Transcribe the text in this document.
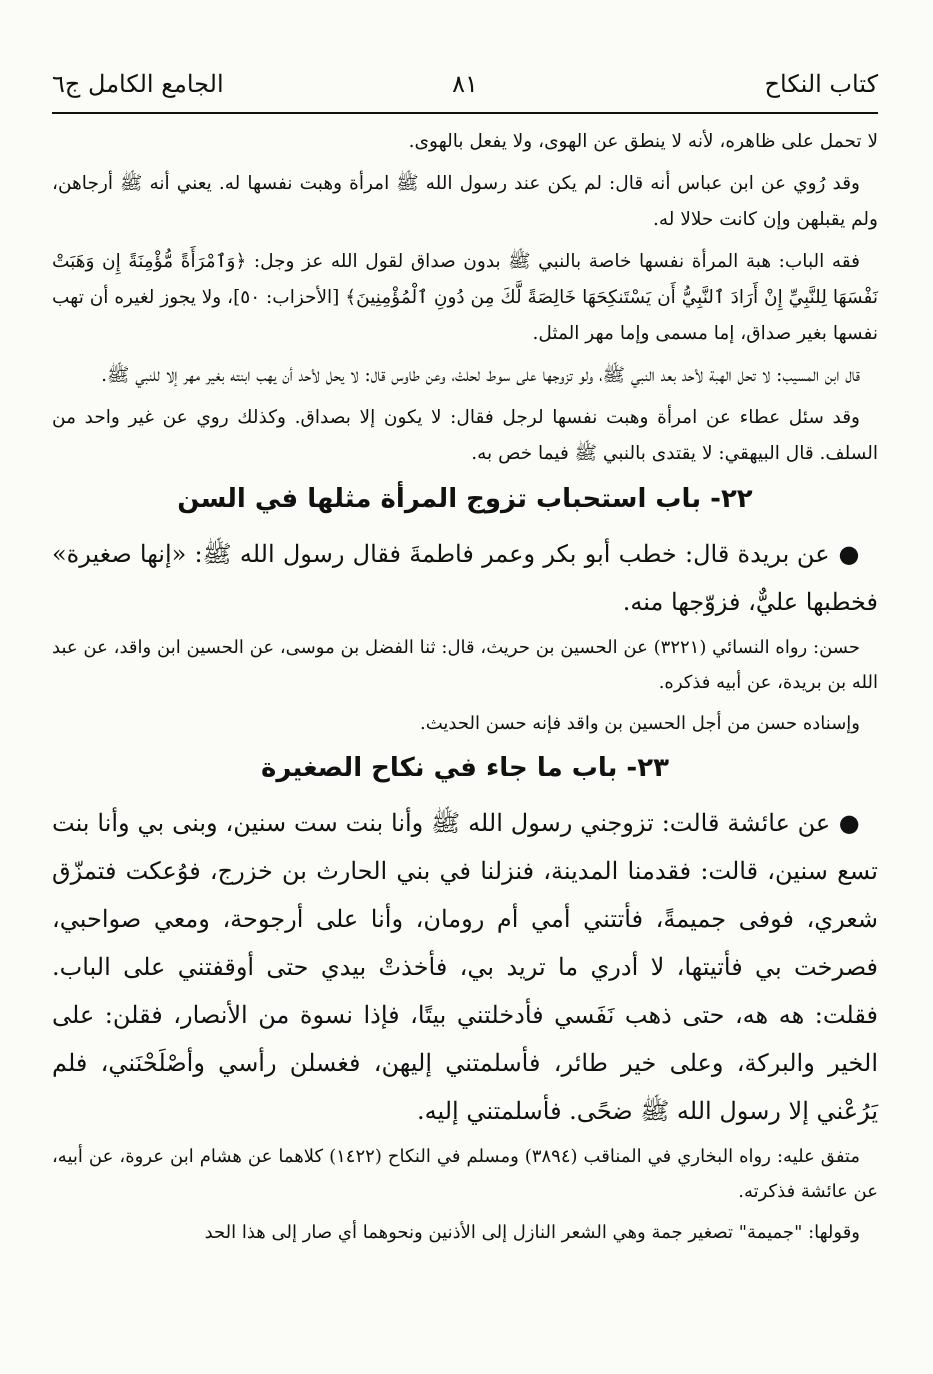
كتاب النكاح
٨١
الجامع الكامل ج٦

لا تحمل على ظاهره، لأنه لا ينطق عن الهوى، ولا يفعل بالهوى.

وقد رُوي عن ابن عباس أنه قال: لم يكن عند رسول الله ﷺ امرأة وهبت نفسها له. يعني أنه ﷺ أرجاهن، ولم يقبلهن وإن كانت حلالا له.

فقه الباب: هبة المرأة نفسها خاصة بالنبي ﷺ بدون صداق لقول الله عز وجل: ﴿وَٱمْرَأَةً مُّؤْمِنَةً إِن وَهَبَتْ نَفْسَهَا لِلنَّبِيِّ إِنْ أَرَادَ ٱلنَّبِيُّ أَن يَسْتَنكِحَهَا خَالِصَةً لَّكَ مِن دُونِ ٱلْمُؤْمِنِينَ﴾ [الأحزاب: ٥٠]، ولا يجوز لغيره أن تهب نفسها بغير صداق، إما مسمى وإما مهر المثل.

قال ابن المسيب: لا تحل الهبة لأحد بعد النبي ﷺ، ولو تزوجها على سوط لحلتْ، وعن طاوس قال: لا يحل لأحد أن يهب ابنته بغير مهر إلا للنبي ﷺ.

وقد سئل عطاء عن امرأة وهبت نفسها لرجل فقال: لا يكون إلا بصداق. وكذلك روي عن غير واحد من السلف. قال البيهقي: لا يقتدى بالنبي ﷺ فيما خص به.

٢٢- باب استحباب تزوج المرأة مثلها في السن

● عن بريدة قال: خطب أبو بكر وعمر فاطمةَ فقال رسول الله ﷺ: «إنها صغيرة» فخطبها عليٌّ، فزوّجها منه.

حسن: رواه النسائي (٣٢٢١) عن الحسين بن حريث، قال: ثنا الفضل بن موسى، عن الحسين ابن واقد، عن عبد الله بن بريدة، عن أبيه فذكره.

وإسناده حسن من أجل الحسين بن واقد فإنه حسن الحديث.

٢٣- باب ما جاء في نكاح الصغيرة

● عن عائشة قالت: تزوجني رسول الله ﷺ وأنا بنت ست سنين، وبنى بي وأنا بنت تسع سنين، قالت: فقدمنا المدينة، فنزلنا في بني الحارث بن خزرج، فوُعكت فتمزّق شعري، فوفى جميمةً، فأتتني أمي أم رومان، وأنا على أرجوحة، ومعي صواحبي، فصرخت بي فأتيتها، لا أدري ما تريد بي، فأخذتْ بيدي حتى أوقفتني على الباب. فقلت: هه هه، حتى ذهب نَفَسي فأدخلتني بيتًا، فإذا نسوة من الأنصار، فقلن: على الخير والبركة، وعلى خير طائر، فأسلمتني إليهن، فغسلن رأسي وأصْلَحْنَني، فلم يَرُعْني إلا رسول الله ﷺ ضحًى. فأسلمتني إليه.

متفق عليه: رواه البخاري في المناقب (٣٨٩٤) ومسلم في النكاح (١٤٢٢) كلاهما عن هشام ابن عروة، عن أبيه، عن عائشة فذكرته.

وقولها: "جميمة" تصغير جمة وهي الشعر النازل إلى الأذنين ونحوهما أي صار إلى هذا الحد
